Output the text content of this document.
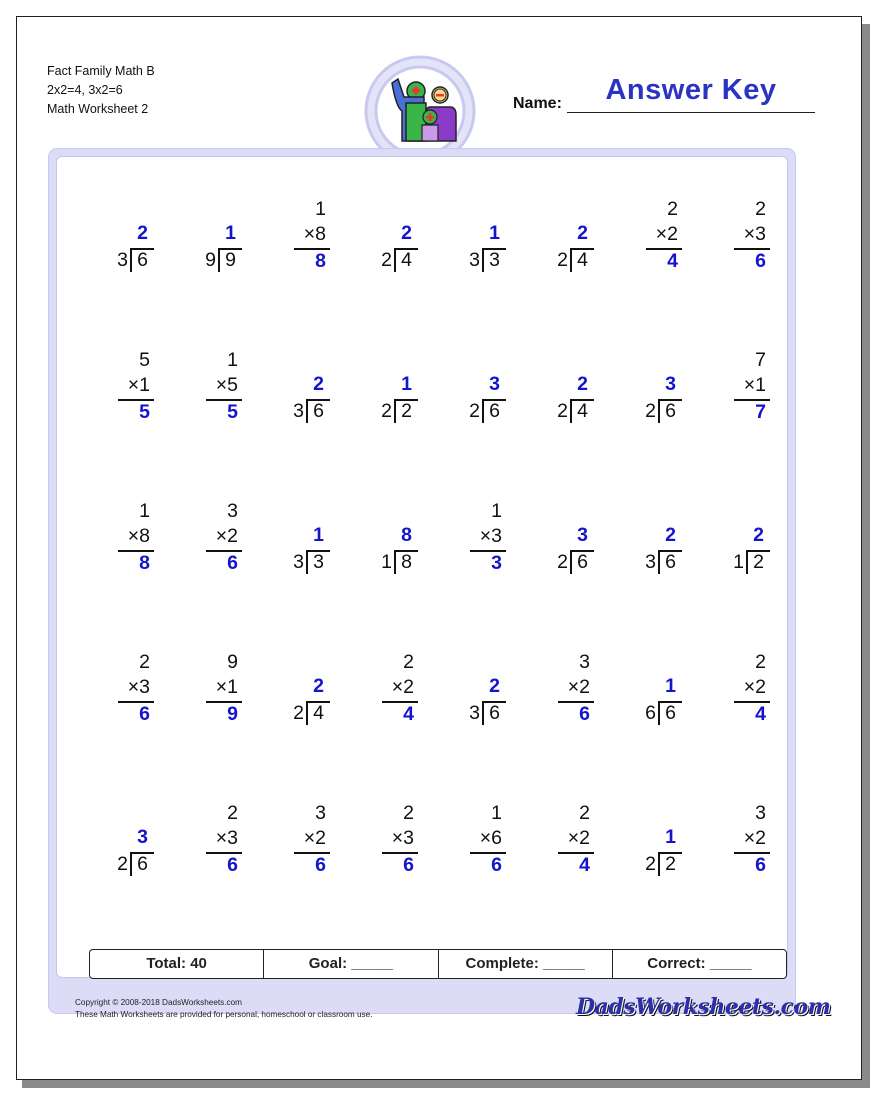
Fact Family Math B
2x2=4, 3x2=6
Math Worksheet 2	Name:	Answer Key
2
6
3
1
9
9
1
×8
8
2
4
2
1
3
3
2
4
2
2
×2
4
2
×3
6
5
×1
5
1
×5
5
2
6
3
1
2
2
3
6
2
2
4
2
3
6
2
7
×1
7
1
×8
8
3
×2
6
1
3
3
8
8
1
1
×3
3
3
6
2
2
6
3
2
2
1
2
×3
6
9
×1
9
2
4
2
2
×2
4
2
6
3
3
×2
6
1
6
6
2
×2
4
3
6
2
2
×3
6
3
×2
6
2
×3
6
1
×6
6
2
×2
4
1
2
2
3
×2
6
Total: 40	Goal: _____	Complete: _____	Correct: _____
Copyright © 2008-2018 DadsWorksheets.com
These Math Worksheets are provided for personal, homeschool or classroom use.	DadsWorksheets.com
